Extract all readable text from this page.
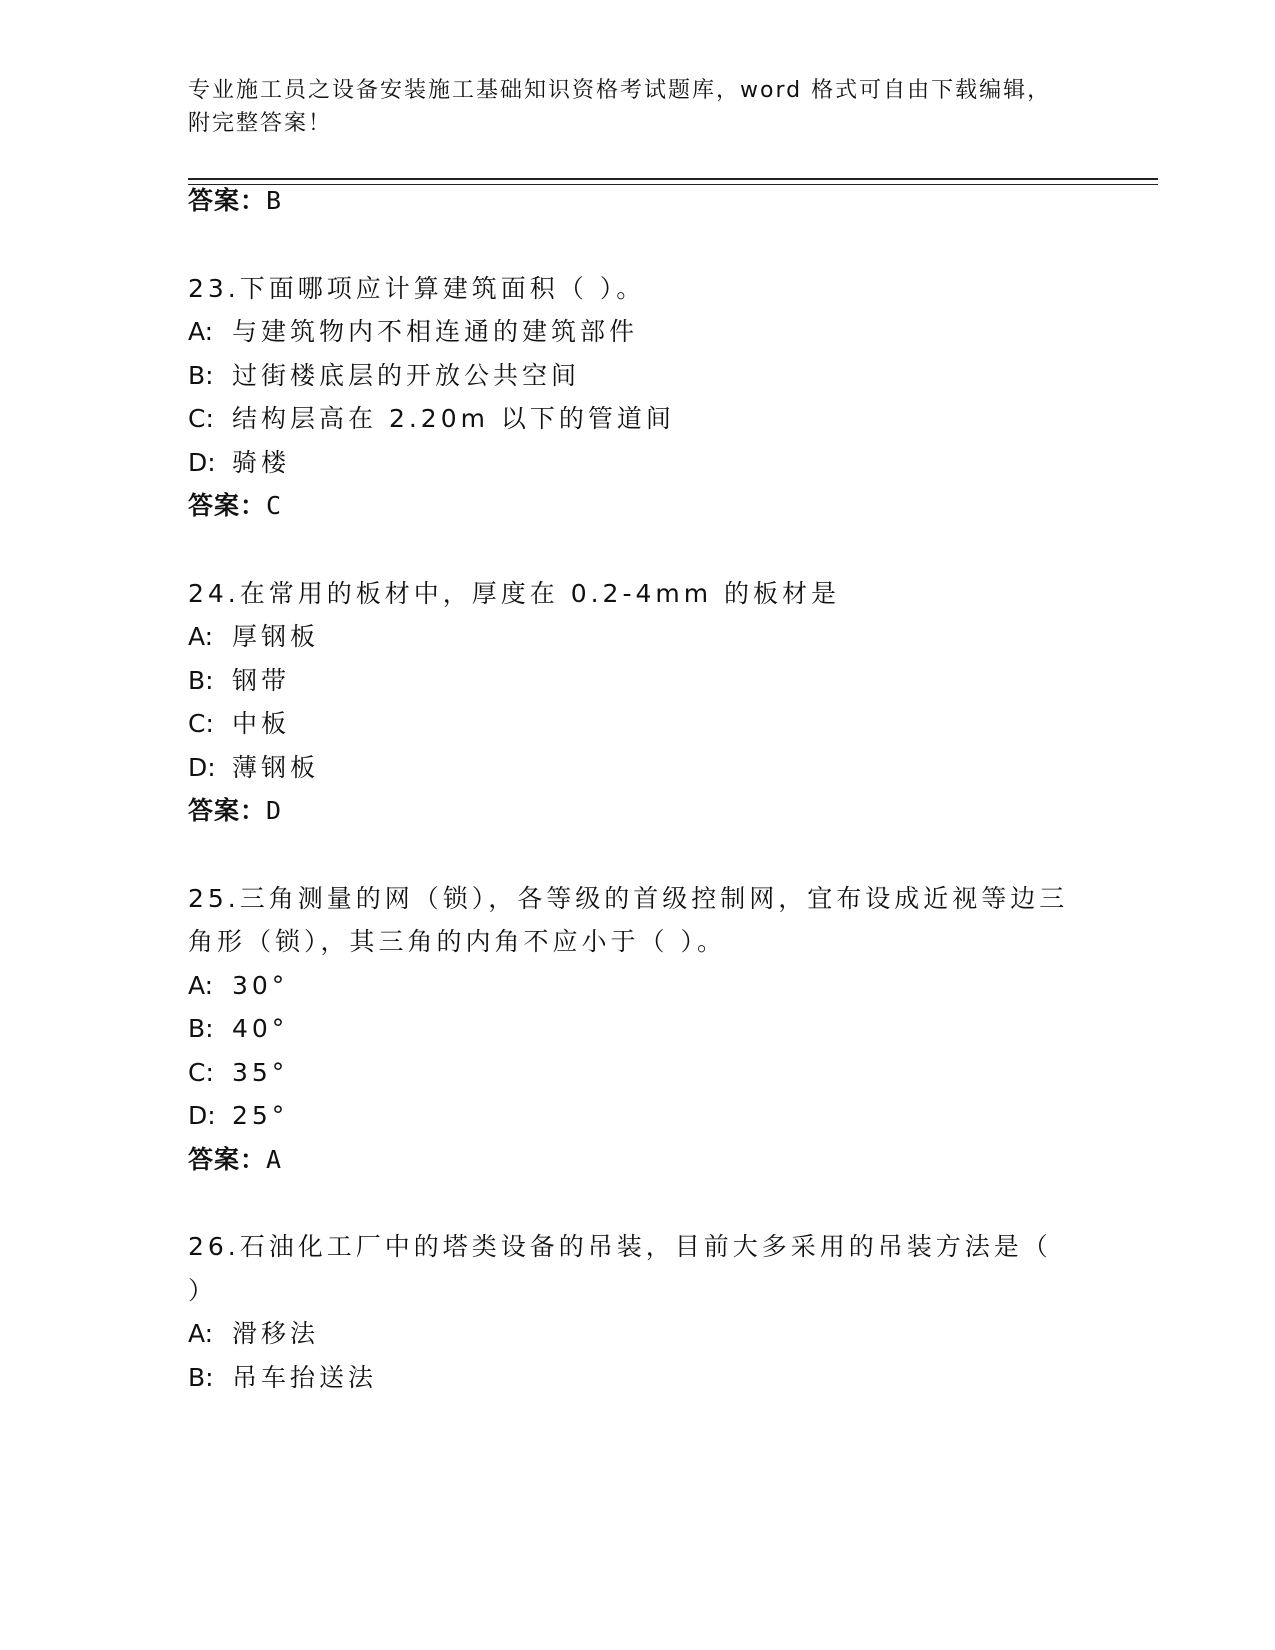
专业施工员之设备安装施工基础知识资格考试题库，word 格式可自由下载编辑，
附完整答案！
答案：B
23.下面哪项应计算建筑面积（ ）。
A: 与建筑物内不相连通的建筑部件
B: 过街楼底层的开放公共空间
C: 结构层高在 2.20m 以下的管道间
D: 骑楼
答案：C
24.在常用的板材中，厚度在 0.2-4mm 的板材是
A: 厚钢板
B: 钢带
C: 中板
D: 薄钢板
答案：D
25.三角测量的网（锁），各等级的首级控制网，宜布设成近视等边三
角形（锁），其三角的内角不应小于（ ）。
A: 30°
B: 40°
C: 35°
D: 25°
答案：A
26.石油化工厂中的塔类设备的吊装，目前大多采用的吊装方法是（
）
A: 滑移法
B: 吊车抬送法
